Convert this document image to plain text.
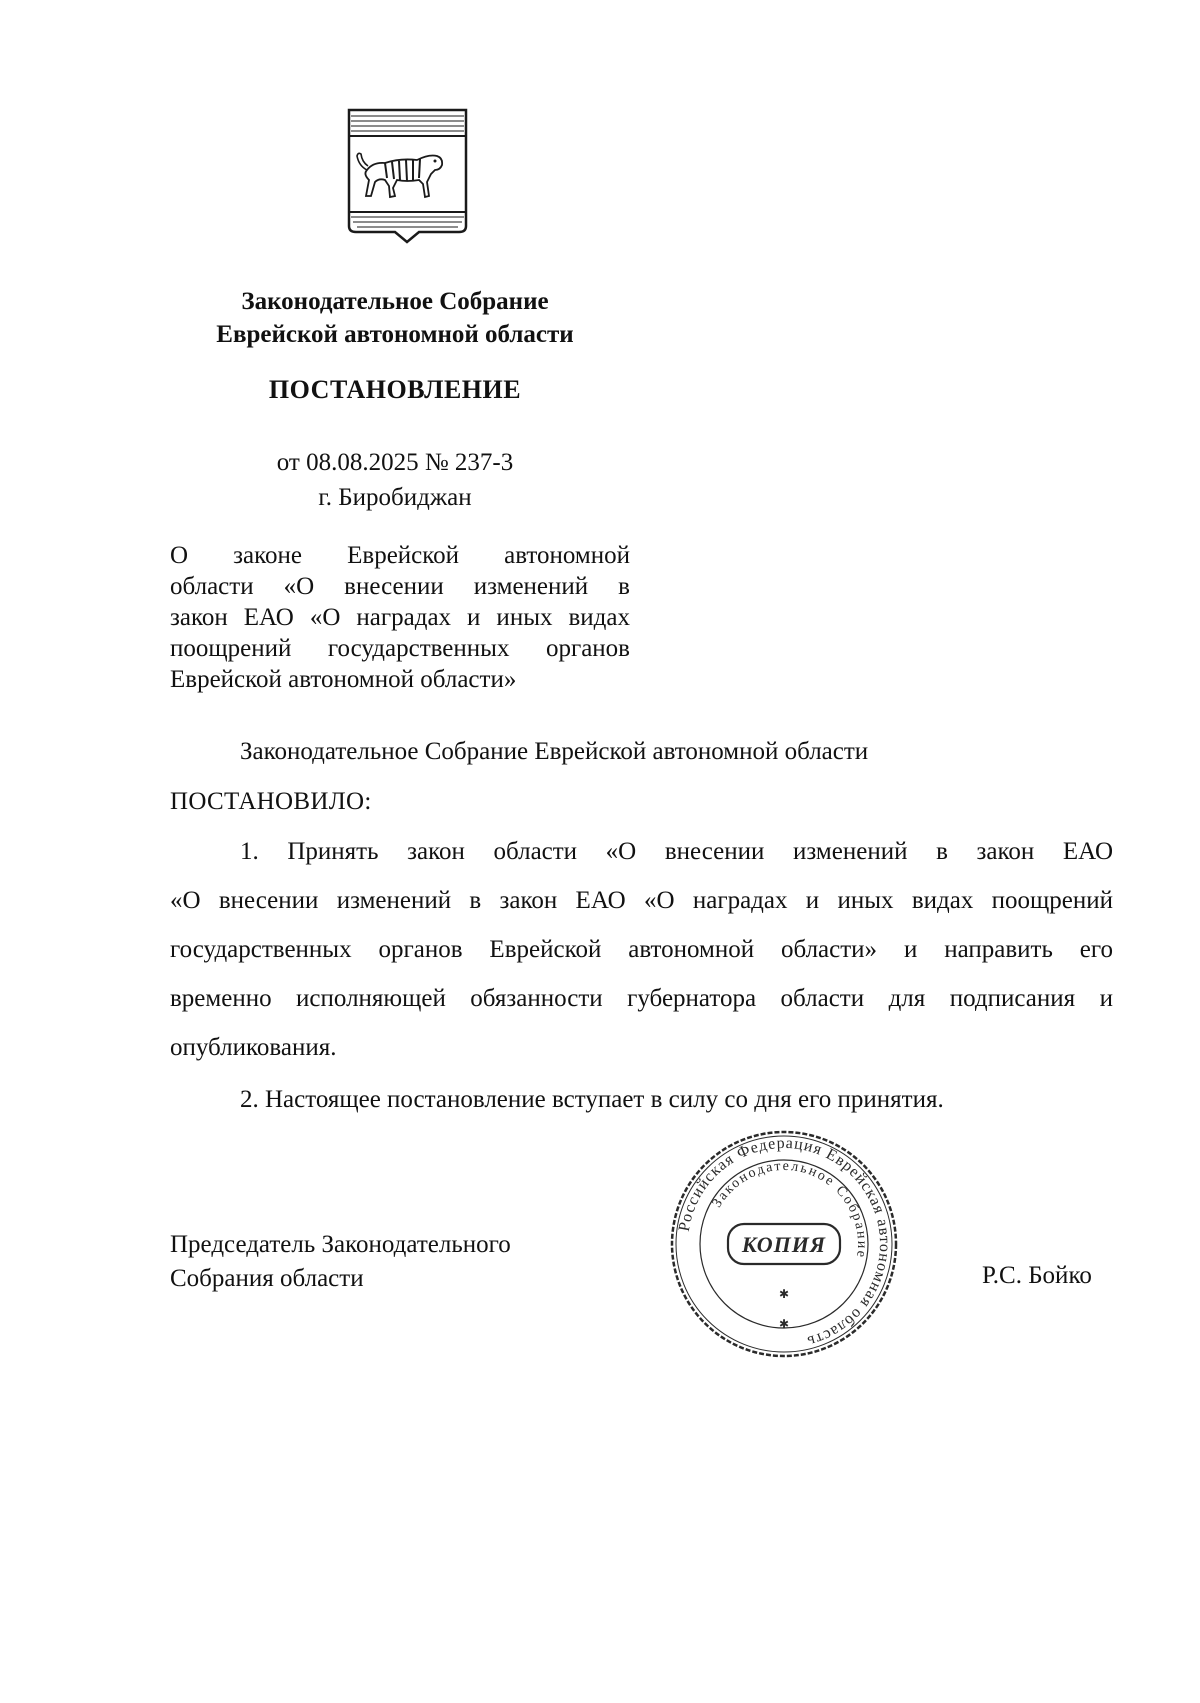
Законодательное Собрание
Еврейской автономной области
ПОСТАНОВЛЕНИЕ
от 08.08.2025 № 237-3
г. Биробиджан
О законе Еврейской автономной
области «О внесении изменений в
закон ЕАО «О наградах и иных видах
поощрений государственных органов
Еврейской автономной области»
Законодательное Собрание Еврейской автономной области
ПОСТАНОВИЛО:
1. Принять закон области «О внесении изменений в закон ЕАО
«О внесении изменений в закон ЕАО «О наградах и иных видах поощрений
государственных органов Еврейской автономной области» и направить его
временно исполняющей обязанности губернатора области для подписания и
опубликования.
2. Настоящее постановление вступает в силу со дня его принятия.
Председатель Законодательного
Собрания области
Российская Федерация Еврейская автономная область
Законодательное Собрание
КОПИЯ
✱
✱
Р.С. Бойко
